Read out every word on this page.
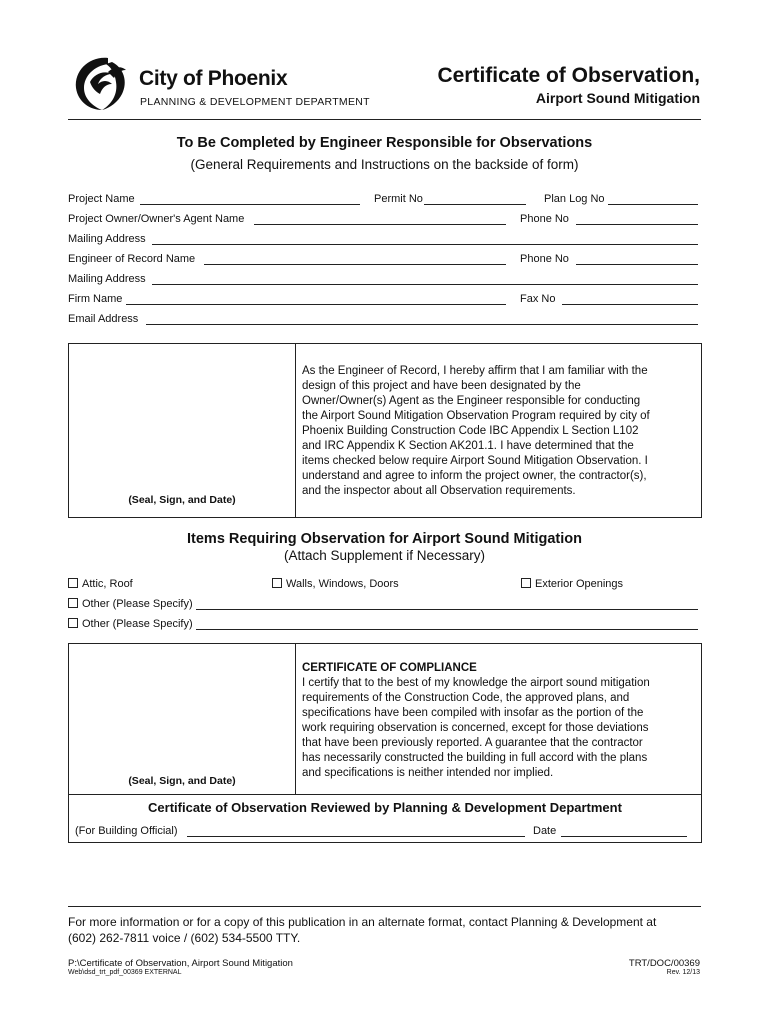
City of Phoenix
PLANNING & DEVELOPMENT DEPARTMENT
Certificate of Observation,
Airport Sound Mitigation
To Be Completed by Engineer Responsible for Observations
(General Requirements and Instructions on the backside of form)
Project Name	Permit No	Plan Log No
Project Owner/Owner's Agent Name	Phone No
Mailing Address
Engineer of Record Name	Phone No
Mailing Address
Firm Name	Fax No
Email Address
(Seal, Sign, and Date)
As the Engineer of Record, I hereby affirm that I am familiar with the
design of this project and have been designated by the
Owner/Owner(s) Agent as the Engineer responsible for conducting
the Airport Sound Mitigation Observation Program required by city of
Phoenix Building Construction Code IBC Appendix L Section L102
and IRC Appendix K Section AK201.1. I have determined that the
items checked below require Airport Sound Mitigation Observation. I
understand and agree to inform the project owner, the contractor(s),
and the inspector about all Observation requirements.
Items Requiring Observation for Airport Sound Mitigation
(Attach Supplement if Necessary)
Attic, Roof	Walls, Windows, Doors	Exterior Openings
Other (Please Specify)
Other (Please Specify)
(Seal, Sign, and Date)
CERTIFICATE OF COMPLIANCE
I certify that to the best of my knowledge the airport sound mitigation
requirements of the Construction Code, the approved plans, and
specifications have been compiled with insofar as the portion of the
work requiring observation is concerned, except for those deviations
that have been previously reported. A guarantee that the contractor
has necessarily constructed the building in full accord with the plans
and specifications is neither intended nor implied.
Certificate of Observation Reviewed by Planning & Development Department
(For Building Official)	Date
For more information or for a copy of this publication in an alternate format, contact Planning & Development at
(602) 262-7811 voice / (602) 534-5500 TTY.
P:\Certificate of Observation, Airport Sound Mitigation
Web\dsd_trt_pdf_00369 EXTERNAL
TRT/DOC/00369
Rev. 12/13
